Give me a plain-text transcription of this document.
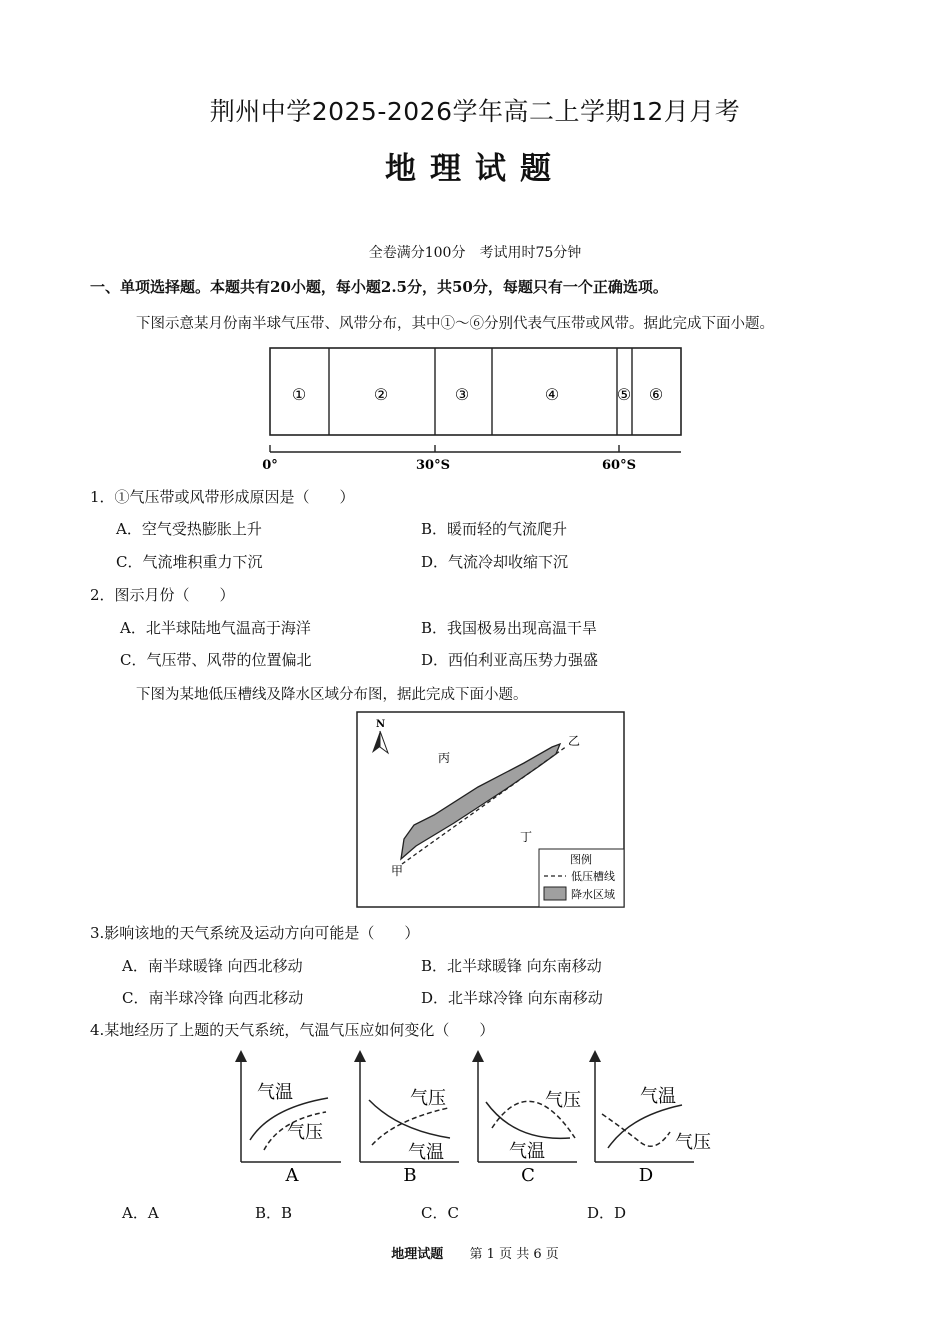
荆州中学2025-2026学年高二上学期12月月考
地理试题
全卷满分100分　考试用时75分钟
一、单项选择题。本题共有20小题，每小题2.5分，共50分，每题只有一个正确选项。
下图示意某月份南半球气压带、风带分布，其中①～⑥分别代表气压带或风带。据此完成下面小题。
①	②	③	④	⑤ ⑥
0°	30°S	60°S
1．①气压带或风带形成原因是（　　）
A．空气受热膨胀上升	B．暖而轻的气流爬升
C．气流堆积重力下沉	D．气流冷却收缩下沉
2．图示月份（　　）
A．北半球陆地气温高于海洋	B．我国极易出现高温干旱
C．气压带、风带的位置偏北	D．西伯利亚高压势力强盛
下图为某地低压槽线及降水区域分布图，据此完成下面小题。
N
甲
乙
丙
丁
图例
低压槽线
降水区域
3.影响该地的天气系统及运动方向可能是（　　）
A．南半球暖锋 向西北移动	B．北半球暖锋 向东南移动
C．南半球冷锋 向西北移动	D．北半球冷锋 向东南移动
4.某地经历了上题的天气系统，气温气压应如何变化（　　）
气温
气压
A
气压
气温
B
气压
气温
C
气温
气压
D
A．A	B．B	C．C	D．D
地理试题 第 1 页 共 6 页
